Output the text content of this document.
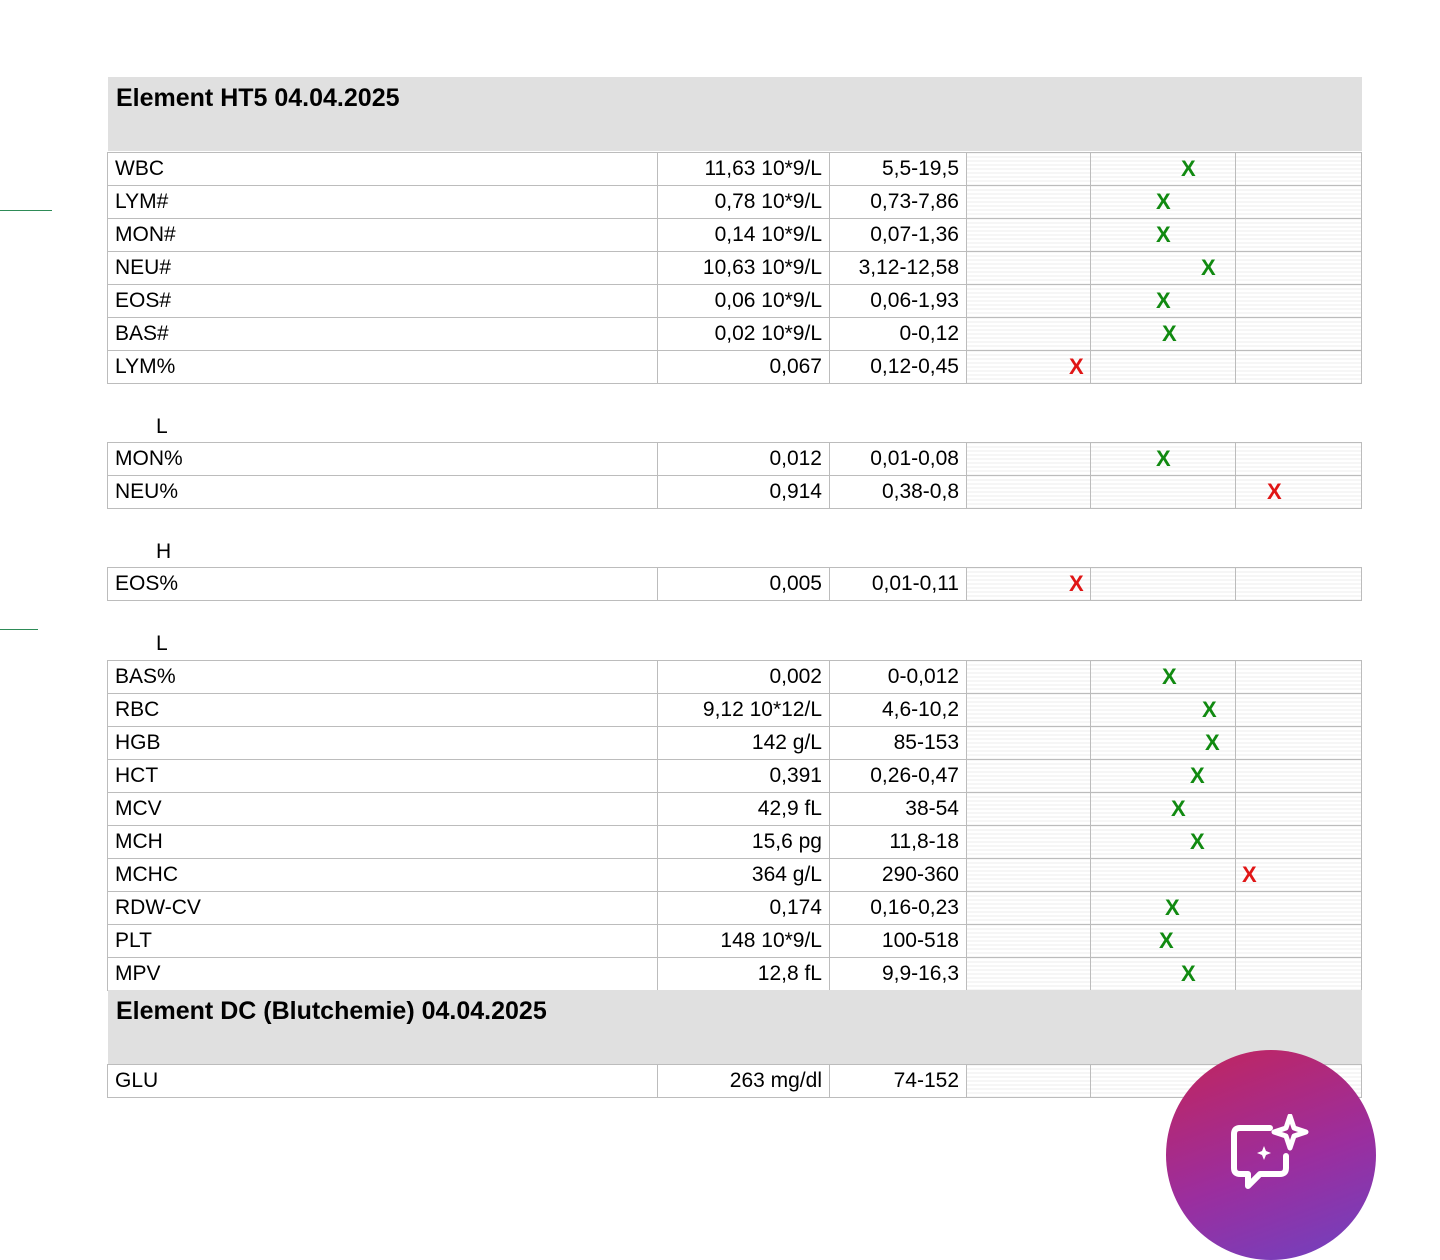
Element HT5 04.04.2025
WBC	11,63 10*9/L	5,5-19,5		X	

LYM#	0,78 10*9/L	0,73-7,86		X	

MON#	0,14 10*9/L	0,07-1,36		X	

NEU#	10,63 10*9/L	3,12-12,58		X	

EOS#	0,06 10*9/L	0,06-1,93		X	

BAS#	0,02 10*9/L	0-0,12		X	

LYM%	0,067	0,12-0,45	X		

L
MON%	0,012	0,01-0,08		X	

NEU%	0,914	0,38-0,8			X
H
EOS%	0,005	0,01-0,11	X

L
BAS%	0,002	0-0,012		X	

RBC	9,12 10*12/L	4,6-10,2		X	

HGB	142 g/L	85-153		X	

HCT	0,391	0,26-0,47		X	

MCV	42,9 fL	38-54		X	

MCH	15,6 pg	11,8-18		X	

MCHC	364 g/L	290-360			X

RDW-CV	0,174	0,16-0,23		X	

PLT	148 10*9/L	100-518		X	

MPV	12,8 fL	9,9-16,3		X	

Element DC (Blutchemie) 04.04.2025
GLU	263 mg/dl	74-152			
